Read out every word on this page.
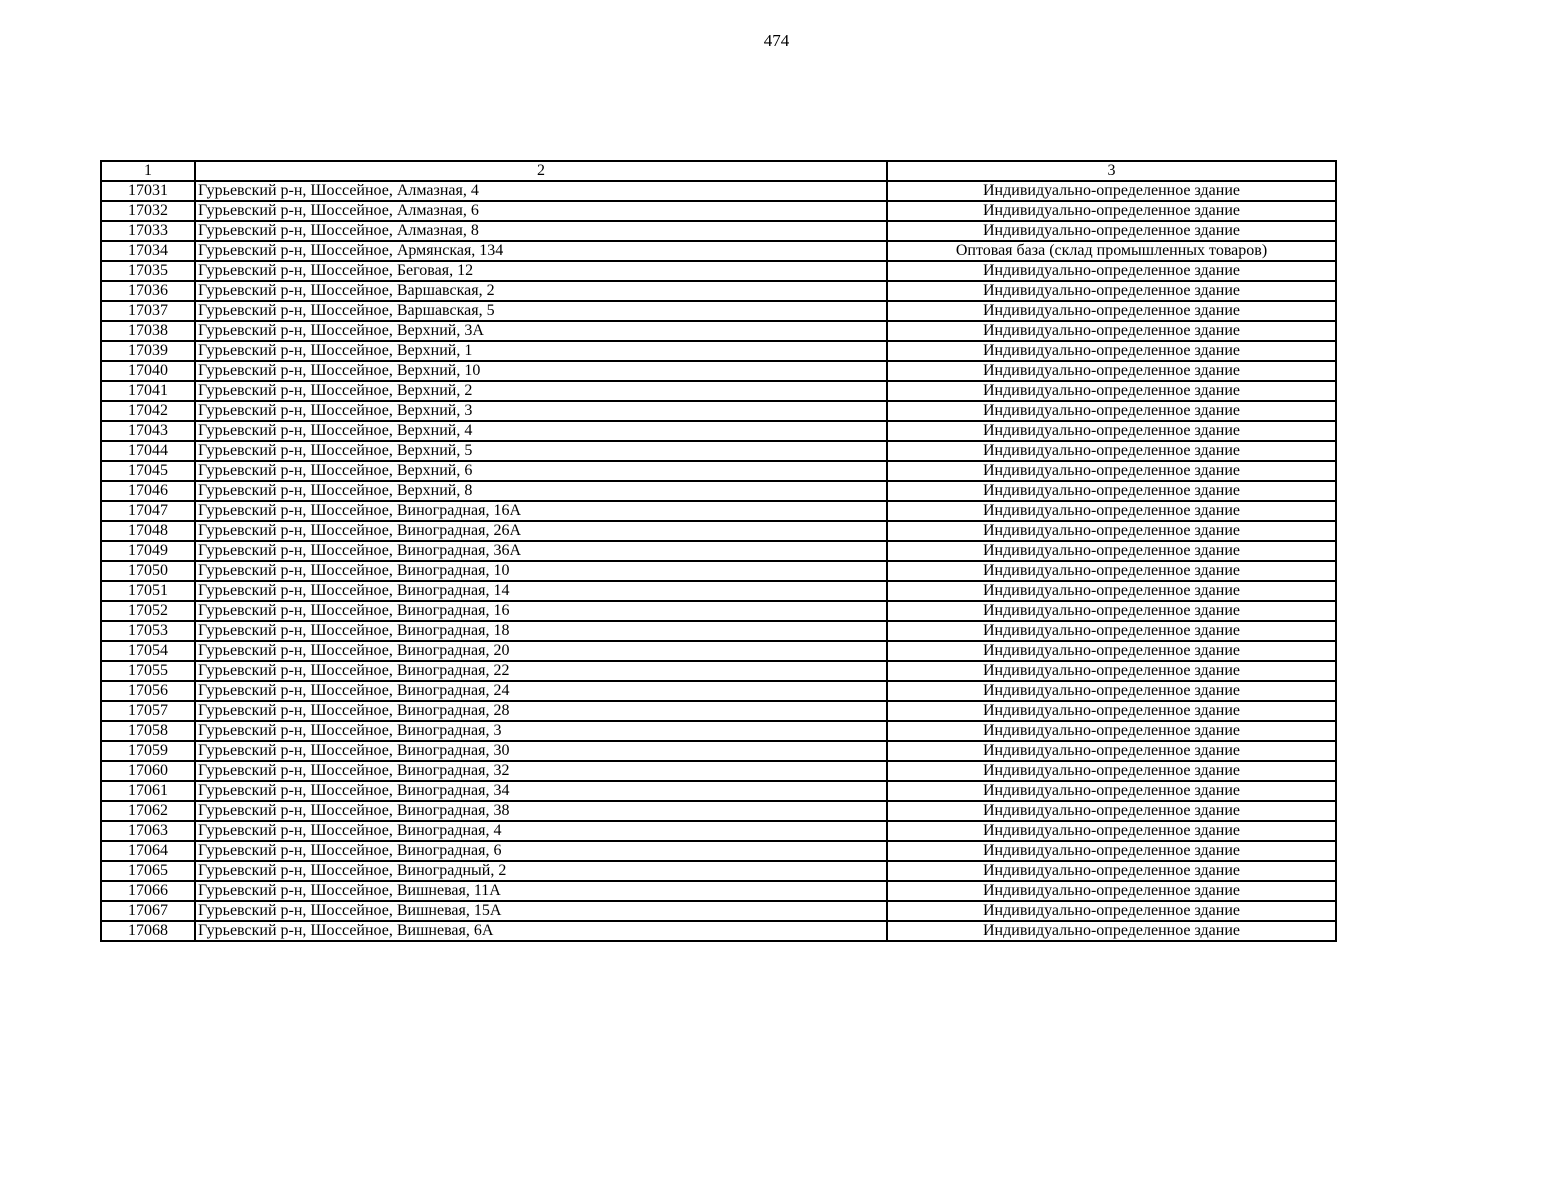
474
1	2	3
17031	Гурьевский р-н, Шоссейное, Алмазная, 4	Индивидуально-определенное здание
17032	Гурьевский р-н, Шоссейное, Алмазная, 6	Индивидуально-определенное здание
17033	Гурьевский р-н, Шоссейное, Алмазная, 8	Индивидуально-определенное здание
17034	Гурьевский р-н, Шоссейное, Армянская, 134	Оптовая база (склад промышленных товаров)
17035	Гурьевский р-н, Шоссейное, Беговая, 12	Индивидуально-определенное здание
17036	Гурьевский р-н, Шоссейное, Варшавская, 2	Индивидуально-определенное здание
17037	Гурьевский р-н, Шоссейное, Варшавская, 5	Индивидуально-определенное здание
17038	Гурьевский р-н, Шоссейное, Верхний, 3А	Индивидуально-определенное здание
17039	Гурьевский р-н, Шоссейное, Верхний, 1	Индивидуально-определенное здание
17040	Гурьевский р-н, Шоссейное, Верхний, 10	Индивидуально-определенное здание
17041	Гурьевский р-н, Шоссейное, Верхний, 2	Индивидуально-определенное здание
17042	Гурьевский р-н, Шоссейное, Верхний, 3	Индивидуально-определенное здание
17043	Гурьевский р-н, Шоссейное, Верхний, 4	Индивидуально-определенное здание
17044	Гурьевский р-н, Шоссейное, Верхний, 5	Индивидуально-определенное здание
17045	Гурьевский р-н, Шоссейное, Верхний, 6	Индивидуально-определенное здание
17046	Гурьевский р-н, Шоссейное, Верхний, 8	Индивидуально-определенное здание
17047	Гурьевский р-н, Шоссейное, Виноградная, 16А	Индивидуально-определенное здание
17048	Гурьевский р-н, Шоссейное, Виноградная, 26А	Индивидуально-определенное здание
17049	Гурьевский р-н, Шоссейное, Виноградная, 36А	Индивидуально-определенное здание
17050	Гурьевский р-н, Шоссейное, Виноградная, 10	Индивидуально-определенное здание
17051	Гурьевский р-н, Шоссейное, Виноградная, 14	Индивидуально-определенное здание
17052	Гурьевский р-н, Шоссейное, Виноградная, 16	Индивидуально-определенное здание
17053	Гурьевский р-н, Шоссейное, Виноградная, 18	Индивидуально-определенное здание
17054	Гурьевский р-н, Шоссейное, Виноградная, 20	Индивидуально-определенное здание
17055	Гурьевский р-н, Шоссейное, Виноградная, 22	Индивидуально-определенное здание
17056	Гурьевский р-н, Шоссейное, Виноградная, 24	Индивидуально-определенное здание
17057	Гурьевский р-н, Шоссейное, Виноградная, 28	Индивидуально-определенное здание
17058	Гурьевский р-н, Шоссейное, Виноградная, 3	Индивидуально-определенное здание
17059	Гурьевский р-н, Шоссейное, Виноградная, 30	Индивидуально-определенное здание
17060	Гурьевский р-н, Шоссейное, Виноградная, 32	Индивидуально-определенное здание
17061	Гурьевский р-н, Шоссейное, Виноградная, 34	Индивидуально-определенное здание
17062	Гурьевский р-н, Шоссейное, Виноградная, 38	Индивидуально-определенное здание
17063	Гурьевский р-н, Шоссейное, Виноградная, 4	Индивидуально-определенное здание
17064	Гурьевский р-н, Шоссейное, Виноградная, 6	Индивидуально-определенное здание
17065	Гурьевский р-н, Шоссейное, Виноградный, 2	Индивидуально-определенное здание
17066	Гурьевский р-н, Шоссейное, Вишневая, 11А	Индивидуально-определенное здание
17067	Гурьевский р-н, Шоссейное, Вишневая, 15А	Индивидуально-определенное здание
17068	Гурьевский р-н, Шоссейное, Вишневая, 6А	Индивидуально-определенное здание
